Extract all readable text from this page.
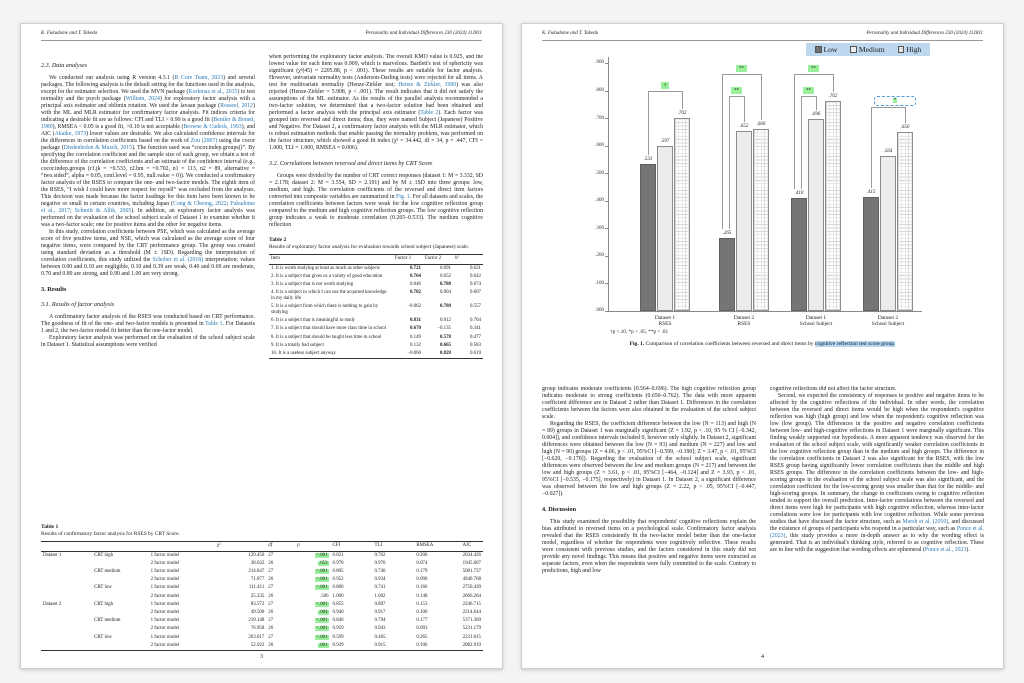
K. Fukudome and T. Takeda	Personality and Individual Differences 230 (2024) 112811
2.3. Data analyses

We conducted our analysis using R version 4.3.1 (R Core Team, 2023) and several packages. The following analysis is the default setting for the functions used in the analysis, except for the estimator selection. We used the MVN package (Korkmaz et al., 2015) to test normality and the psych package (William, 2024) for exploratory factor analysis with a principal axis estimator and oblimin rotation. We used the lavaan package (Rosseel, 2012) with the ML and MLR estimator for confirmatory factor analysis. Fit indices criteria for indicating a desirable fit are as follows: CFI and TLI > 0.90 is a good fit (Bentler & Bonett, 1980), RMSEA < 0.05 is a good fit, >0.10 is not acceptable (Browne & Cudeck, 1993), and AIC (Akaike, 1973) lower values are desirable. We also calculated confidence intervals for the differences in correlation coefficients based on the work of Zou (2007) using the cocor package (Diedenhofen & Musch, 2015). The function used was “cocor.indep.groups()”. By specifying the correlation coefficient and the sample size of each group, we obtain a test of the difference of the correlation coefficients and an estimate of the confidence interval (e.g., cocor.indep.groups (r1.jk = +0.533, r2.hm = +0.702, n1 = 113, n2 = 89, alternative = “two.sided”, alpha = 0.05, conf.level = 0.95, null.value = 0)). We conducted a confirmatory factor analysis of the RSES to compare the one- and two-factor models. The eighth item of the RSES, “I wish I could have more respect for myself” was excluded from the analyses. This decision was made because the factor loadings for this item have been known to be negative or small in certain countries, including Japan (Cong & Cheong, 2022; Fukudome et al., 2017; Schmitt & Allik, 2005). In addition, an exploratory factor analysis was performed on the evaluation of the school subject scale of Dataset 1 to examine whether it was a two-factor scale; one for positive items and the other for negative items.

In this study, correlation coefficients between PSE, which was calculated as the average score of five positive items, and NSE, which was calculated as the average score of four negative items, were compared by the CRT performance group. The group was created using standard deviation as a threshold (M ± 1SD). Regarding the interpretation of correlation coefficients, this study utilized the Schober et al. (2018) interpretation; values between 0.00 and 0.10 are negligible, 0.10 and 0.39 are weak, 0.40 and 0.69 are moderate, 0.70 and 0.89 are strong, and 0.90 and 1.00 are very strong.

3. Results
3.1. Results of factor analysis

A confirmatory factor analysis of the RSES was conducted based on CRT performance. The goodness of fit of the one- and two-factor models is presented in Table 1. For Datasets 1 and 2, the two-factor model fit better than the one-factor model.

Exploratory factor analysis was performed on the evaluation of the school subject scale in Dataset 1. Statistical assumptions were verified

when performing the exploratory factor analysis. The overall KMO value is 0.925, and the lowest value for each item was 0.909, which is marvelous. Bartlett's test of sphericity was significant (χ²(45) = 2205.88, p < .001). These results are suitable for factor analysis. However, univariate normality tests (Anderson-Darling tests) were rejected for all items. A test for multivariate normality (Henze-Zirkler test; Henze & Zirkler, 1990) was also rejected (Henze-Zirkler = 5.908, p < .001). The result indicates that it did not satisfy the assumptions of the ML estimator. As the results of the parallel analysis recommended a two-factor solution, we determined that a two-factor solution had been obtained and performed a factor analysis with the principal axis estimator (Table 2). Each factor was grouped into reversed and direct items; thus, they were named Subject (Japanese) Positive and Negative. For Dataset 2, a confirmatory factor analysis with the MLR estimator, which is robust estimation methods that enable passing the normality problem, was performed on the factor structure, which showed a good fit index (χ² = 34.442, df = 34, p = .447, CFI = 1.000, TLI = 1.000, RMSEA = 0.006).

3.2. Correlations between reversed and direct items by CRT Score

Groups were divided by the number of CRT correct responses (dataset 1: M = 3.332, SD = 2.178; dataset 2: M = 3.554, SD = 2.191) and by M ± 1SD into three groups: low, medium, and high. The correlation coefficients of the reversed and direct item factors converted into composite variables are summarized in Fig. 1. For all datasets and scales, the correlation coefficients between factors were weak for the low cognitive reflection group compared to the medium and high cognitive reflection groups. The low cognitive reflection group indicates a weak to moderate correlation (0.265–0.533). The medium cognitive reflection

Table 2
Results of exploratory factor analysis for evaluation towards school subject (Japanese) scale.
Item	Factor 1	Factor 2	h²
1. It is worth studying at least as much as other subjects	0.721	0.091	0.621
2. It is a subject that gives us a variety of good education	0.764	0.052	0.642
3. It is a subject that is not worth studying	0.046	0.788	0.674
4. It is a subject in which I can use the acquired knowledge in my daily life	0.782	0.004	0.607
5. It is a subject from which there is nothing to gain by studying	−0.062	0.788	0.557
6. It is a subject that is meaningful to study	0.831	0.012	0.704
7. It is a subject that should have more class time in school	0.670	−0.135	0.341
8. It is a subject that should be taught less time in school	0.149	0.578	0.477
9. It is a totally bad subject	0.132	0.665	0.583
10. It is a useless subject anyway	−0.060	0.828	0.619
Table 1
Results of confirmatory factor analysis for RSES by CRT Score.
			χ²	df	p	CFI	TLI	RMSEA	AIC
Dataset 1	CRT high	1 factor model	129.450	27	<.001	0.821	0.762	0.206	2034.426
		2 factor model	38.632	26	.053	0.978	0.970	0.074	1945.607
	CRT medium	1 factor model	214.847	27	<.001	0.805	0.740	0.179	5081.737
		2 factor model	71.877	26	<.001	0.952	0.934	0.090	4940.768
	CRT low	1 factor model	111.411	27	<.001	0.806	0.741	0.166	2750.439
		2 factor model	25.235	26	.506	1.000	1.002	0.148	2666.264
Dataset 2	CRT high	1 factor model	83.572	27	<.001	0.855	0.807	0.153	2246.715
		2 factor model	49.500	26	.004	0.940	0.917	0.100	2214.644
	CRT medium	1 factor model	219.148	27	<.001	0.846	0.794	0.177	5371.369
		2 factor model	76.958	26	<.001	0.959	0.943	0.093	5231.179
	CRT low	1 factor model	203.017	27	<.001	0.599	0.465	0.265	2231.015
		2 factor model	52.922	26	.001	0.939	0.915	0.106	2082.919
3
K. Fukudome and T. Takeda	Personality and Individual Differences 230 (2024) 112811
Low	Medium	High
.900
.800
.700
.600
.500
.400
.300
.200
.100
.000
.533
.265
.410	.415
.597
.652
.696
.564
.702
.660
.762
.650
Dataset 1
RSES
Dataset 2
RSES
Dataset 1
School Subject
Dataset 2
School Subject
†
**
**
**
**
*
†p <.10, *p < .05, **p < .01
Fig. 1. Comparison of correlation coefficients between reversed and direct items by cognitive reflection test score group.

group indicates moderate coefficients (0.564–0.696). The high cognitive reflection group indicates moderate to strong coefficients (0.650–0.762). The data with more apparent coefficient difference are in Dataset 2 rather than Dataset 1. Differences in the correlation coefficients between the factors were also obtained in the evaluation of the school subject scale.

Regarding the RSES, the coefficient difference between the low (N = 113) and high (N = 89) groups in Dataset 1 was marginally significant (Z = 1.92, p < .10, 95 % CI [−0.342, 0.004]), and confidence intervals included 0, however only slightly. In Dataset 2, significant differences were obtained between the low (N = 93) and medium (N = 227) and low and high (N = 90) groups (Z = 4.06, p < .01, 95%CI [−0.599, −0.190]; Z = 3.47, p < .01, 95%CI [−0.620, −0.170]). Regarding the evaluation of the school subject scale, significant differences were observed between the low and medium groups (N = 217) and between the low and high groups (Z = 3.61, p < .01, 95%CI [−464, −0.124] and Z = 3.93, p < .01, 95%CI [−0.535, −0.175], respectively) in Dataset 1. In Dataset 2, a significant difference was observed between the low and high groups (Z = 2.22, p < .05, 95%CI [−0.447, −0.027]).

4. Discussion

This study examined the possibility that respondents' cognitive reflections explain the bias attributed to reversed items on a psychological scale. Confirmatory factor analysis revealed that the RSES consistently fit the two-factor model better than the one-factor model, regardless of whether the respondents were cognitively reflective. These results were consistent with previous studies, and the factors considered in this study did not provide any novel findings. This means that positive and negative items were extracted as separate factors, even when the respondents were fully committed to the scale. Contrary to predictions, high and low

cognitive reflections did not affect the factor structure.

Second, we expected the consistency of responses to positive and negative items to be affected by the cognitive reflections of the individual. In other words, the correlation between the reversed and direct items would be high when the respondent's cognitive reflection was high (high group) and low when the respondent's cognitive reflection was low (low group). The differences in the positive and negative correlation coefficients between low- and high-cognitive reflections in Dataset 1 were marginally significant. This finding weakly supported our hypothesis. A more apparent tendency was observed for the evaluation of the school subject scale, with significantly weaker correlation coefficients in the low cognitive reflection group than in the medium and high groups. The difference in the correlation coefficients in Dataset 2 was also significant for the RSES, with the low RSES group having significantly lower correlation coefficients than the middle and high RSES groups. The difference in the correlation coefficients between the low- and high-scoring groups in the evaluation of the school subject scale was also significant, and the correlation coefficient for the low-scoring group was smaller than that for the middle- and high-scoring groups. In summary, the change in coefficients owing to cognitive reflection tended to support the overall prediction. Inter-factor correlations between the reversed and direct items were high for participants with high cognitive reflection, whereas inter-factor correlations were low for participants with low cognitive reflection. While some previous studies that have discussed the factor structure, such as Marsh et al. (2010), and discussed the existence of groups of participants who respond in a particular way, such as Ponce et al. (2023), this study provides a more in-depth answer as to why the wording effect is generated. That is an individual's thinking style, referred to as cognitive reflection. These are in line with the suggestion that wording effects are ephemeral (Ponce et al., 2023).

4
